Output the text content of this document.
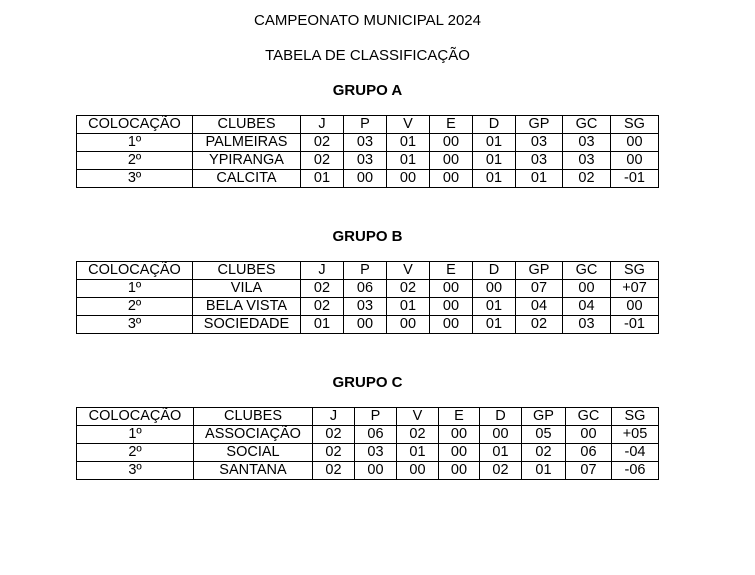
CAMPEONATO MUNICIPAL 2024
TABELA DE CLASSIFICAÇÃO
GRUPO A
COLOCAÇÃO	CLUBES	J	P	V	E	D	GP	GC	SG
1º	PALMEIRAS	02	03	01	00	01	03	03	00
2º	YPIRANGA	02	03	01	00	01	03	03	00
3º	CALCITA	01	00	00	00	01	01	02	-01
GRUPO B
COLOCAÇÃO	CLUBES	J	P	V	E	D	GP	GC	SG
1º	VILA	02	06	02	00	00	07	00	+07
2º	BELA VISTA	02	03	01	00	01	04	04	00
3º	SOCIEDADE	01	00	00	00	01	02	03	-01
GRUPO C
COLOCAÇÃO	CLUBES	J	P	V	E	D	GP	GC	SG
1º	ASSOCIAÇÃO	02	06	02	00	00	05	00	+05
2º	SOCIAL	02	03	01	00	01	02	06	-04
3º	SANTANA	02	00	00	00	02	01	07	-06
